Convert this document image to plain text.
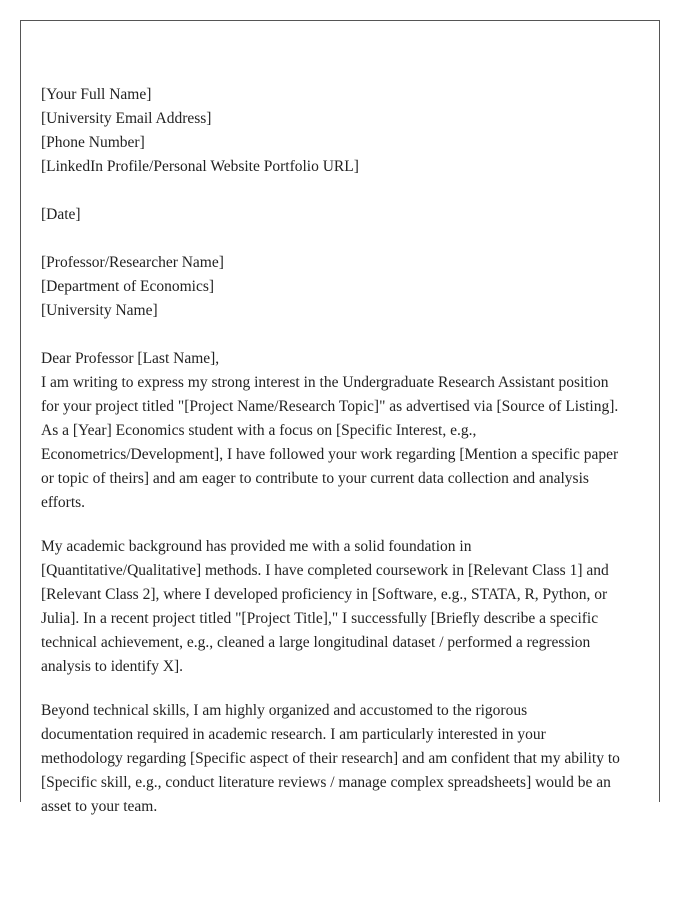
[Your Full Name]
[University Email Address]
[Phone Number]
[LinkedIn Profile/Personal Website Portfolio URL]
[Date]
[Professor/Researcher Name]
[Department of Economics]
[University Name]
Dear Professor [Last Name],
I am writing to express my strong interest in the Undergraduate Research Assistant position
for your project titled "[Project Name/Research Topic]" as advertised via [Source of Listing].
As a [Year] Economics student with a focus on [Specific Interest, e.g.,
Econometrics/Development], I have followed your work regarding [Mention a specific paper
or topic of theirs] and am eager to contribute to your current data collection and analysis
efforts.
My academic background has provided me with a solid foundation in
[Quantitative/Qualitative] methods. I have completed coursework in [Relevant Class 1] and
[Relevant Class 2], where I developed proficiency in [Software, e.g., STATA, R, Python, or
Julia]. In a recent project titled "[Project Title]," I successfully [Briefly describe a specific
technical achievement, e.g., cleaned a large longitudinal dataset / performed a regression
analysis to identify X].
Beyond technical skills, I am highly organized and accustomed to the rigorous
documentation required in academic research. I am particularly interested in your
methodology regarding [Specific aspect of their research] and am confident that my ability to
[Specific skill, e.g., conduct literature reviews / manage complex spreadsheets] would be an
asset to your team.
